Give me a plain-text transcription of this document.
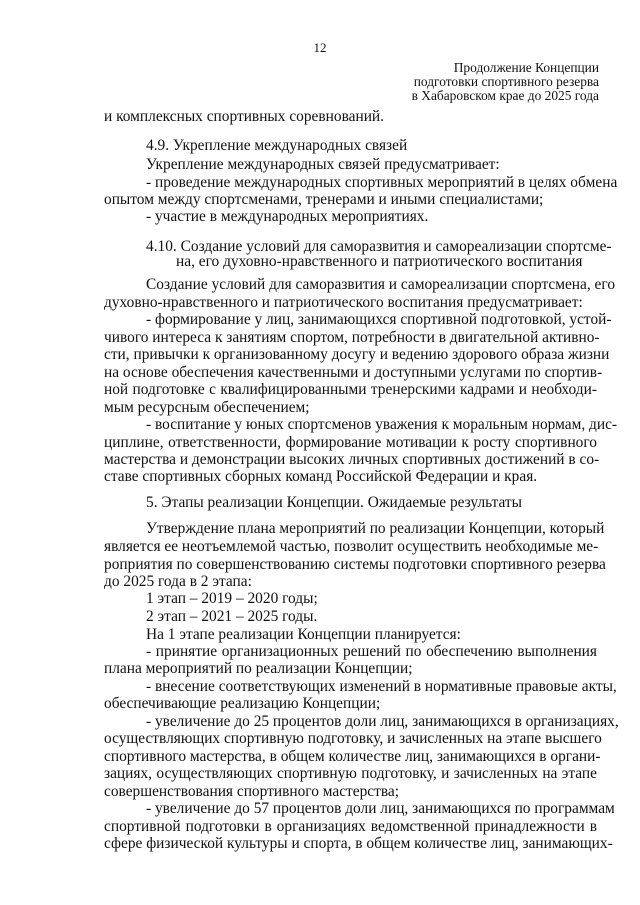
12
Продолжение Концепции
подготовки спортивного резерва
в Хабаровском крае до 2025 года
и комплексных спортивных соревнований.
4.9. Укрепление международных связей
Укрепление международных связей предусматривает:
- проведение международных спортивных мероприятий в целях обмена
опытом между спортсменами, тренерами и иными специалистами;
- участие в международных мероприятиях.
4.10. Создание условий для саморазвития и самореализации спортсме-
на, его духовно-нравственного и патриотического воспитания
Создание условий для саморазвития и самореализации спортсмена, его
духовно-нравственного и патриотического воспитания предусматривает:
- формирование у лиц, занимающихся спортивной подготовкой, устой-
чивого интереса к занятиям спортом, потребности в двигательной активно-
сти, привычки к организованному досугу и ведению здорового образа жизни
на основе обеспечения качественными и доступными услугами по спортив-
ной подготовке с квалифицированными тренерскими кадрами и необходи-
мым ресурсным обеспечением;
- воспитание у юных спортсменов уважения к моральным нормам, дис-
циплине, ответственности, формирование мотивации к росту спортивного
мастерства и демонстрации высоких личных спортивных достижений в со-
ставе спортивных сборных команд Российской Федерации и края.
5. Этапы реализации Концепции. Ожидаемые результаты
Утверждение плана мероприятий по реализации Концепции, который
является ее неотъемлемой частью, позволит осуществить необходимые ме-
роприятия по совершенствованию системы подготовки спортивного резерва
до 2025 года в 2 этапа:
1 этап – 2019 – 2020 годы;
2 этап – 2021 – 2025 годы.
На 1 этапе реализации Концепции планируется:
- принятие организационных решений по обеспечению выполнения
плана мероприятий по реализации Концепции;
- внесение соответствующих изменений в нормативные правовые акты,
обеспечивающие реализацию Концепции;
- увеличение до 25 процентов доли лиц, занимающихся в организациях,
осуществляющих спортивную подготовку, и зачисленных на этапе высшего
спортивного мастерства, в общем количестве лиц, занимающихся в органи-
зациях, осуществляющих спортивную подготовку, и зачисленных на этапе
совершенствования спортивного мастерства;
- увеличение до 57 процентов доли лиц, занимающихся по программам
спортивной подготовки в организациях ведомственной принадлежности в
сфере физической культуры и спорта, в общем количестве лиц, занимающих-
